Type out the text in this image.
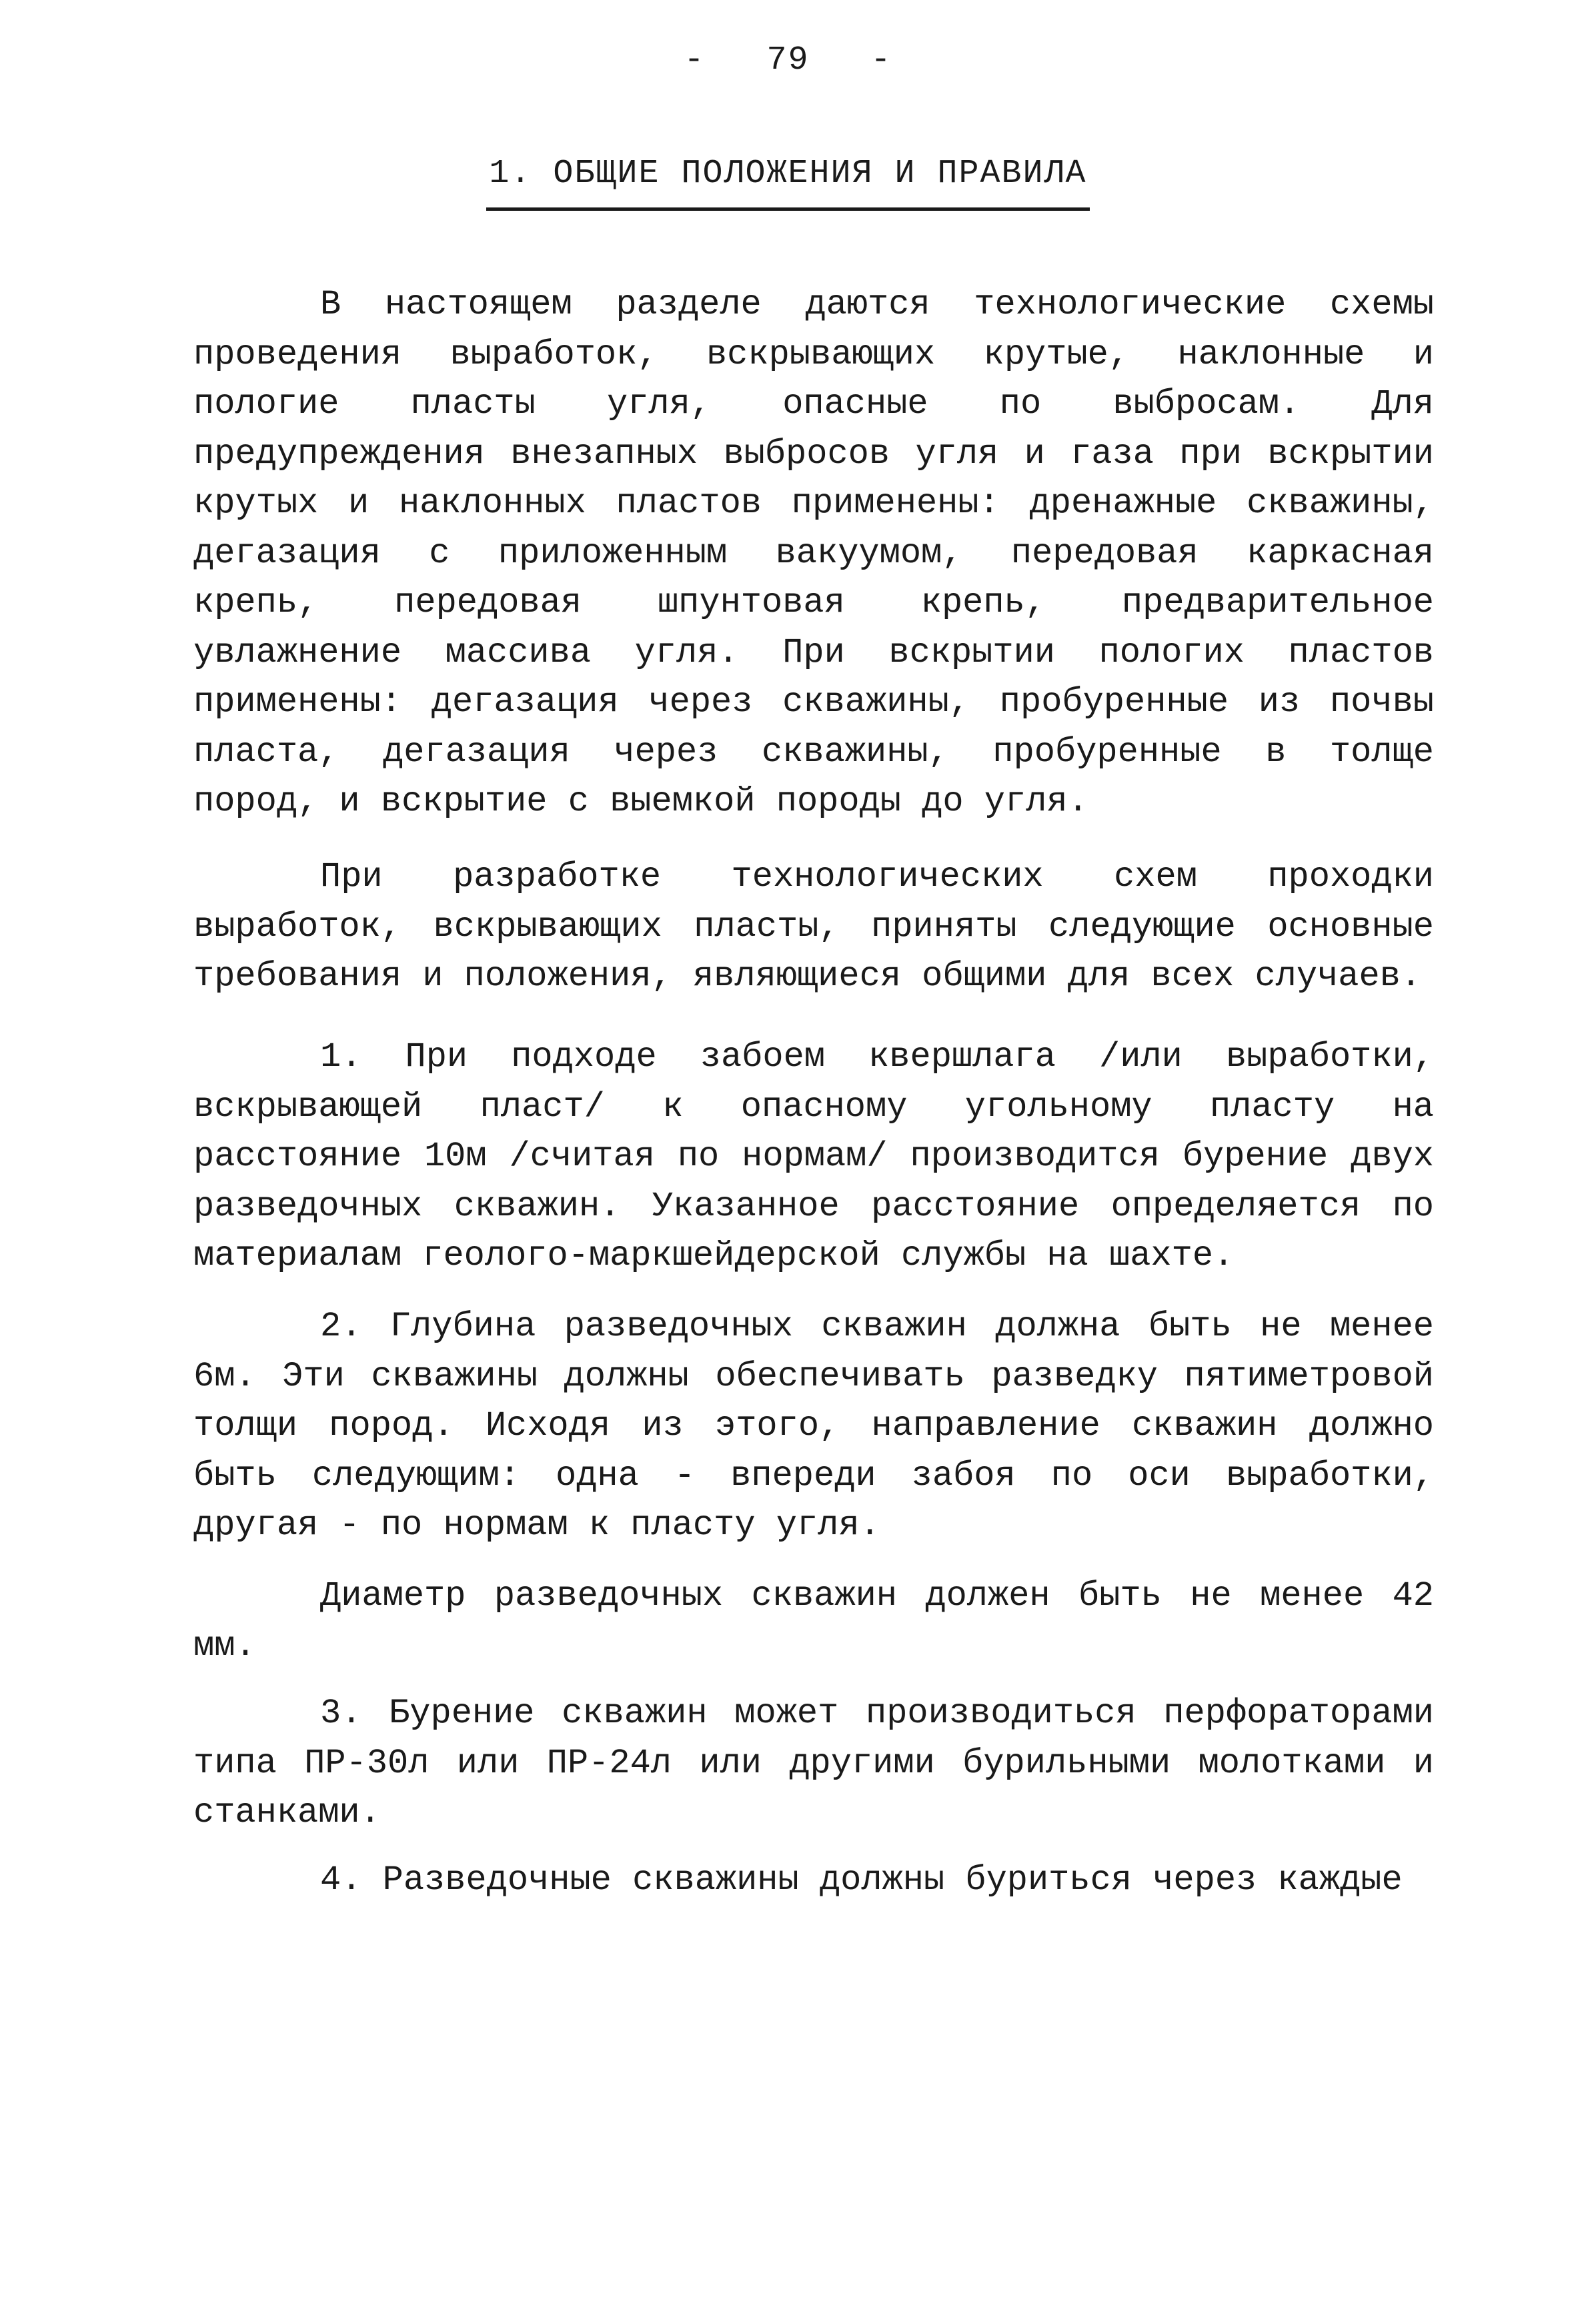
- 79 -
1. ОБЩИЕ ПОЛОЖЕНИЯ И ПРАВИЛА

В настоящем разделе даются технологические схемы проведения выработок, вскрывающих крутые, наклонные и пологие пласты угля, опасные по выбросам. Для предупреждения внезапных выбросов угля и газа при вскрытии крутых и наклонных пластов применены: дренажные скважины, дегазация с приложенным вакуумом, передовая каркасная крепь, передовая шпунтовая крепь, предварительное увлажнение массива угля. При вскрытии пологих пластов применены: дегазация через скважины, пробуренные из почвы пласта, дегазация через скважины, пробуренные в толще пород, и вскрытие с выемкой породы до угля.

При разработке технологических схем проходки выработок, вскрывающих пласты, приняты следующие основные требования и положения, являющиеся общими для всех случаев.

1. При подходе забоем квершлага /или выработки, вскрывающей пласт/ к опасному угольному пласту на расстояние 10м /считая по нормам/ производится бурение двух разведочных скважин. Указанное расстояние определяется по материалам геолого-маркшейдерской службы на шахте.

2. Глубина разведочных скважин должна быть не менее 6м. Эти скважины должны обеспечивать разведку пятиметровой толщи пород. Исходя из этого, направление скважин должно быть следующим: одна - впереди забоя по оси выработки, другая - по нормам к пласту угля.

Диаметр разведочных скважин должен быть не менее 42 мм.

3. Бурение скважин может производиться перфораторами типа ПР-30л или ПР-24л или другими бурильными молотками и станками.

4. Разведочные скважины должны буриться через каждые
